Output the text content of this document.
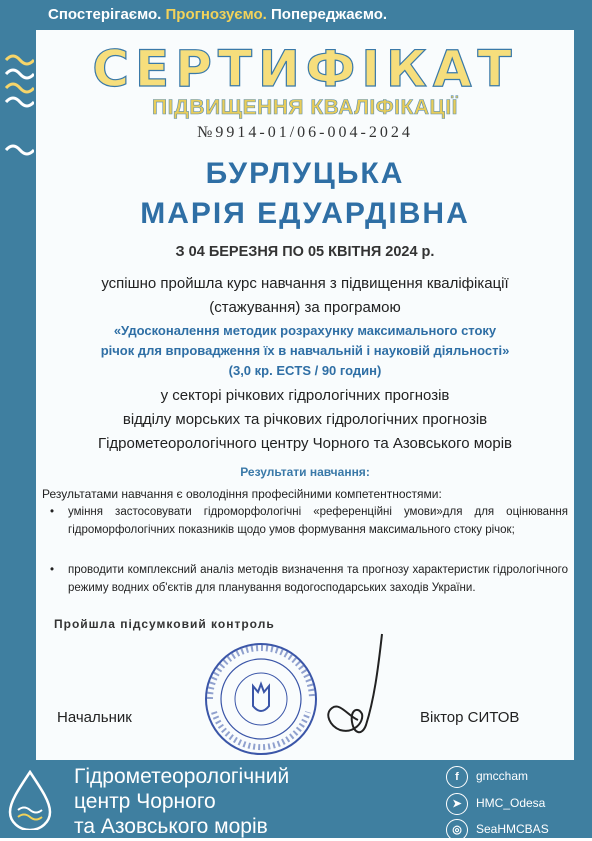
Спостерігаємо. Прогнозуємо. Попереджаємо.
СЕРТИФІКАТ
ПІДВИЩЕННЯ КВАЛІФІКАЦІЇ
№9914-01/06-004-2024
БУРЛУЦЬКА
МАРІЯ ЕДУАРДІВНА
З 04 БЕРЕЗНЯ ПО 05 КВІТНЯ 2024 р.
успішно пройшла курс навчання з підвищення кваліфікації
(стажування) за програмою
«Удосконалення методик розрахунку максимального стоку
річок для впровадження їх в навчальній і науковій діяльності»
(3,0 кр. ECTS / 90 годин)
у секторі річкових гідрологічних прогнозів
відділу морських та річкових гідрологічних прогнозів
Гідрометеорологічного центру Чорного та Азовського морів
Результати навчання:
Результатами навчання є оволодіння професійними компетентностями:
• уміння застосовувати гідроморфологічні «референційні умови»для для оцінювання гідроморфологічних показників щодо умов формування максимального стоку річок;
• проводити комплексний аналіз методів визначення та прогнозу характеристик гідрологічного режиму водних об'єктів для планування водогосподарських заходів України.
Пройшла підсумковий контроль
Начальник	Віктор СИТОВ
Гідрометеорологічний
центр Чорного
та Азовського морів
f gmccham
➤ HMC_Odesa
◎ SeaHMCBAS
